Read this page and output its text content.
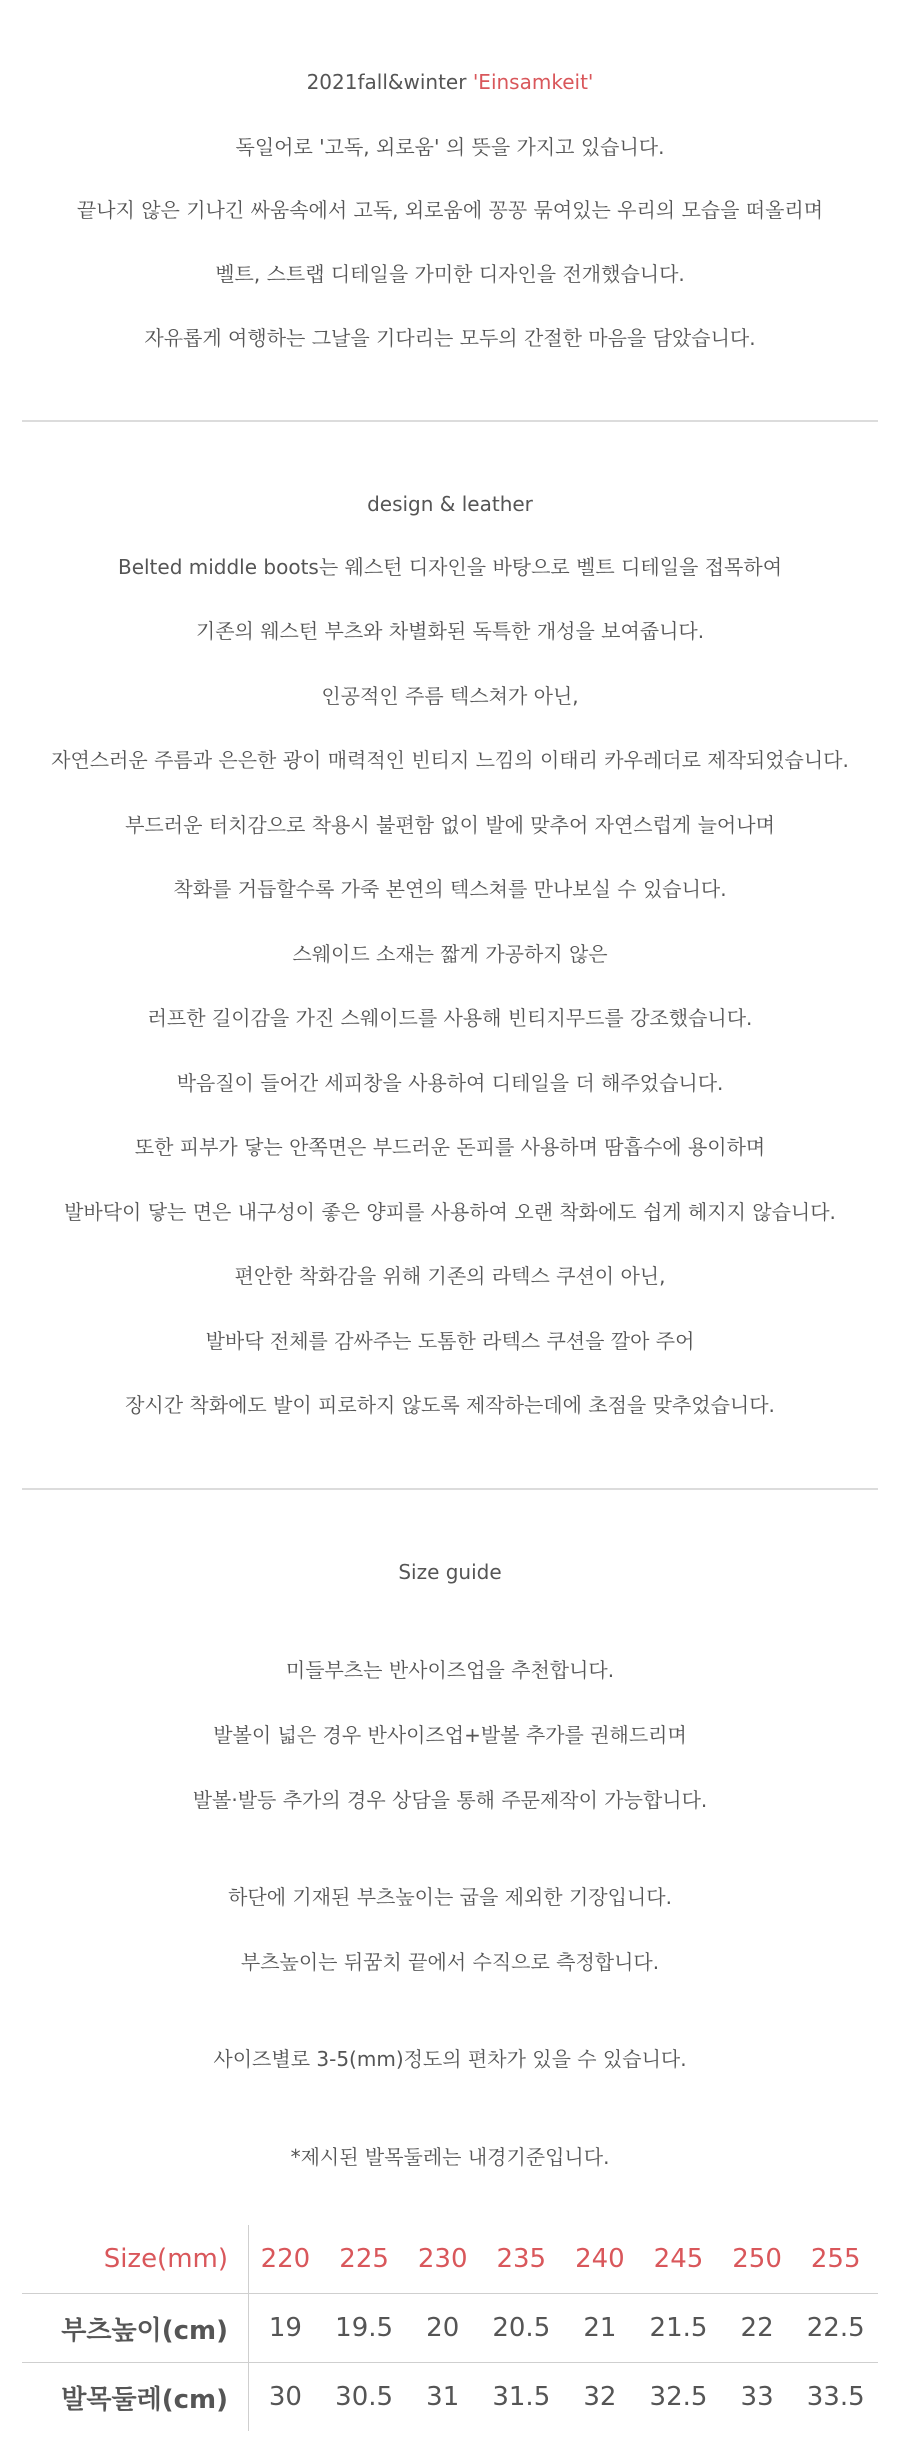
2021fall&winter 'Einsamkeit'
독일어로 '고독, 외로움' 의 뜻을 가지고 있습니다.
끝나지 않은 기나긴 싸움속에서 고독, 외로움에 꽁꽁 묶여있는 우리의 모습을 떠올리며
벨트, 스트랩 디테일을 가미한 디자인을 전개했습니다.
자유롭게 여행하는 그날을 기다리는 모두의 간절한 마음을 담았습니다.
design & leather
Belted middle boots는 웨스턴 디자인을 바탕으로 벨트 디테일을 접목하여
기존의 웨스턴 부츠와 차별화된 독특한 개성을 보여줍니다.
인공적인 주름 텍스쳐가 아닌,
자연스러운 주름과 은은한 광이 매력적인 빈티지 느낌의 이태리 카우레더로 제작되었습니다.
부드러운 터치감으로 착용시 불편함 없이 발에 맞추어 자연스럽게 늘어나며
착화를 거듭할수록 가죽 본연의 텍스쳐를 만나보실 수 있습니다.
스웨이드 소재는 짧게 가공하지 않은
러프한 길이감을 가진 스웨이드를 사용해 빈티지무드를 강조했습니다.
박음질이 들어간 세피창을 사용하여 디테일을 더 해주었습니다.
또한 피부가 닿는 안쪽면은 부드러운 돈피를 사용하며 땀흡수에 용이하며
발바닥이 닿는 면은 내구성이 좋은 양피를 사용하여 오랜 착화에도 쉽게 헤지지 않습니다.
편안한 착화감을 위해 기존의 라텍스 쿠션이 아닌,
발바닥 전체를 감싸주는 도톰한 라텍스 쿠션을 깔아 주어
장시간 착화에도 발이 피로하지 않도록 제작하는데에 초점을 맞추었습니다.
Size guide
미들부츠는 반사이즈업을 추천합니다.
발볼이 넓은 경우 반사이즈업+발볼 추가를 권해드리며
발볼·발등 추가의 경우 상담을 통해 주문제작이 가능합니다.
하단에 기재된 부츠높이는 굽을 제외한 기장입니다.
부츠높이는 뒤꿈치 끝에서 수직으로 측정합니다.
사이즈별로 3-5(mm)정도의 편차가 있을 수 있습니다.
*제시된 발목둘레는 내경기준입니다.
Size(mm)	220	225	230	235	240	245	250	255
부츠높이(cm)	19	19.5	20	20.5	21	21.5	22	22.5
발목둘레(cm)	30	30.5	31	31.5	32	32.5	33	33.5
